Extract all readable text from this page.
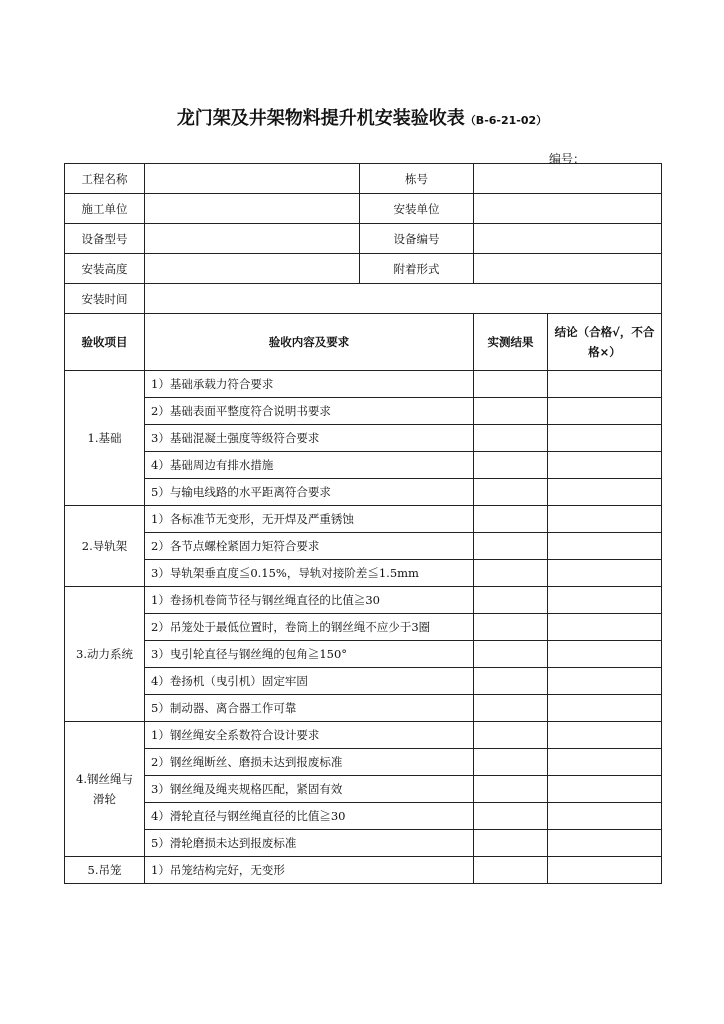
龙门架及井架物料提升机安装验收表（B-6-21-02）
编号：
工程名称		栋号		
施工单位		安装单位		
设备型号		设备编号		
安装高度		附着形式		
安装时间				
验收项目	验收内容及要求		实测结果	结论（合格√，不合格×）
1.基础	1）基础承载力符合要求			
	2）基础表面平整度符合说明书要求			
	3）基础混凝土强度等级符合要求			
	4）基础周边有排水措施			
	5）与输电线路的水平距离符合要求			
2.导轨架	1）各标准节无变形，无开焊及严重锈蚀			
	2）各节点螺栓紧固力矩符合要求			
	3）导轨架垂直度≦0.15%，导轨对接阶差≦1.5mm			
3.动力系统	1）卷扬机卷筒节径与钢丝绳直径的比值≧30			
	2）吊笼处于最低位置时，卷筒上的钢丝绳不应少于3圈			
	3）曳引轮直径与钢丝绳的包角≧150°			
	4）卷扬机（曳引机）固定牢固			
	5）制动器、离合器工作可靠			
4.钢丝绳与滑轮	1）钢丝绳安全系数符合设计要求			
	2）钢丝绳断丝、磨损未达到报废标准			
	3）钢丝绳及绳夹规格匹配，紧固有效			
	4）滑轮直径与钢丝绳直径的比值≧30			
	5）滑轮磨损未达到报废标准			
5.吊笼	1）吊笼结构完好，无变形			
